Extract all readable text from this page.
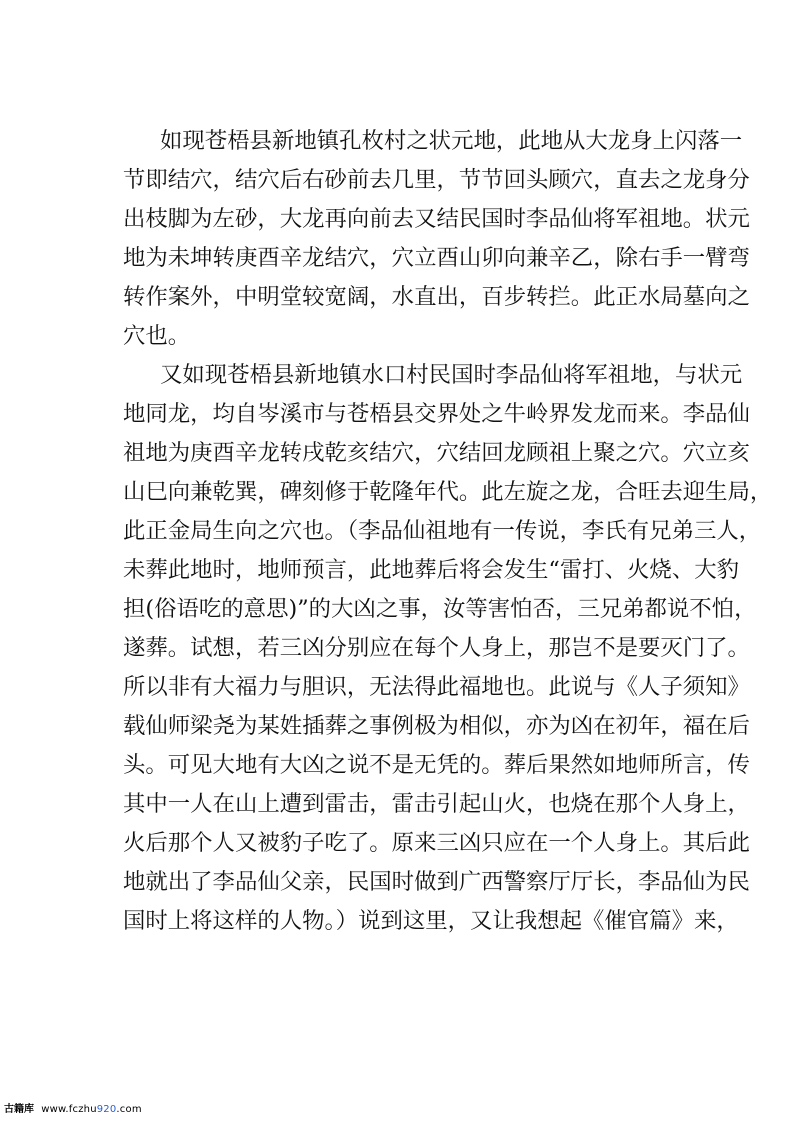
如现苍梧县新地镇孔枚村之状元地，此地从大龙身上闪落一
节即结穴，结穴后右砂前去几里，节节回头顾穴，直去之龙身分
出枝脚为左砂，大龙再向前去又结民国时李品仙将军祖地。状元
地为未坤转庚酉辛龙结穴，穴立酉山卯向兼辛乙，除右手一臂弯
转作案外，中明堂较宽阔，水直出，百步转拦。此正水局墓向之
穴也。
又如现苍梧县新地镇水口村民国时李品仙将军祖地，与状元
地同龙，均自岑溪市与苍梧县交界处之牛岭界发龙而来。李品仙
祖地为庚酉辛龙转戌乾亥结穴，穴结回龙顾祖上聚之穴。穴立亥
山巳向兼乾巽，碑刻修于乾隆年代。此左旋之龙，合旺去迎生局，
此正金局生向之穴也。（李品仙祖地有一传说，李氏有兄弟三人，
未葬此地时，地师预言，此地葬后将会发生“雷打、火烧、大豹
担(俗语吃的意思)”的大凶之事，汝等害怕否，三兄弟都说不怕，
遂葬。试想，若三凶分别应在每个人身上，那岂不是要灭门了。
所以非有大福力与胆识，无法得此福地也。此说与《人子须知》
载仙师梁尧为某姓插葬之事例极为相似，亦为凶在初年，福在后
头。可见大地有大凶之说不是无凭的。葬后果然如地师所言，传
其中一人在山上遭到雷击，雷击引起山火，也烧在那个人身上，
火后那个人又被豹子吃了。原来三凶只应在一个人身上。其后此
地就出了李品仙父亲，民国时做到广西警察厅厅长，李品仙为民
国时上将这样的人物。）说到这里，又让我想起《催官篇》来，
古籍库 www.fczhu920.com
